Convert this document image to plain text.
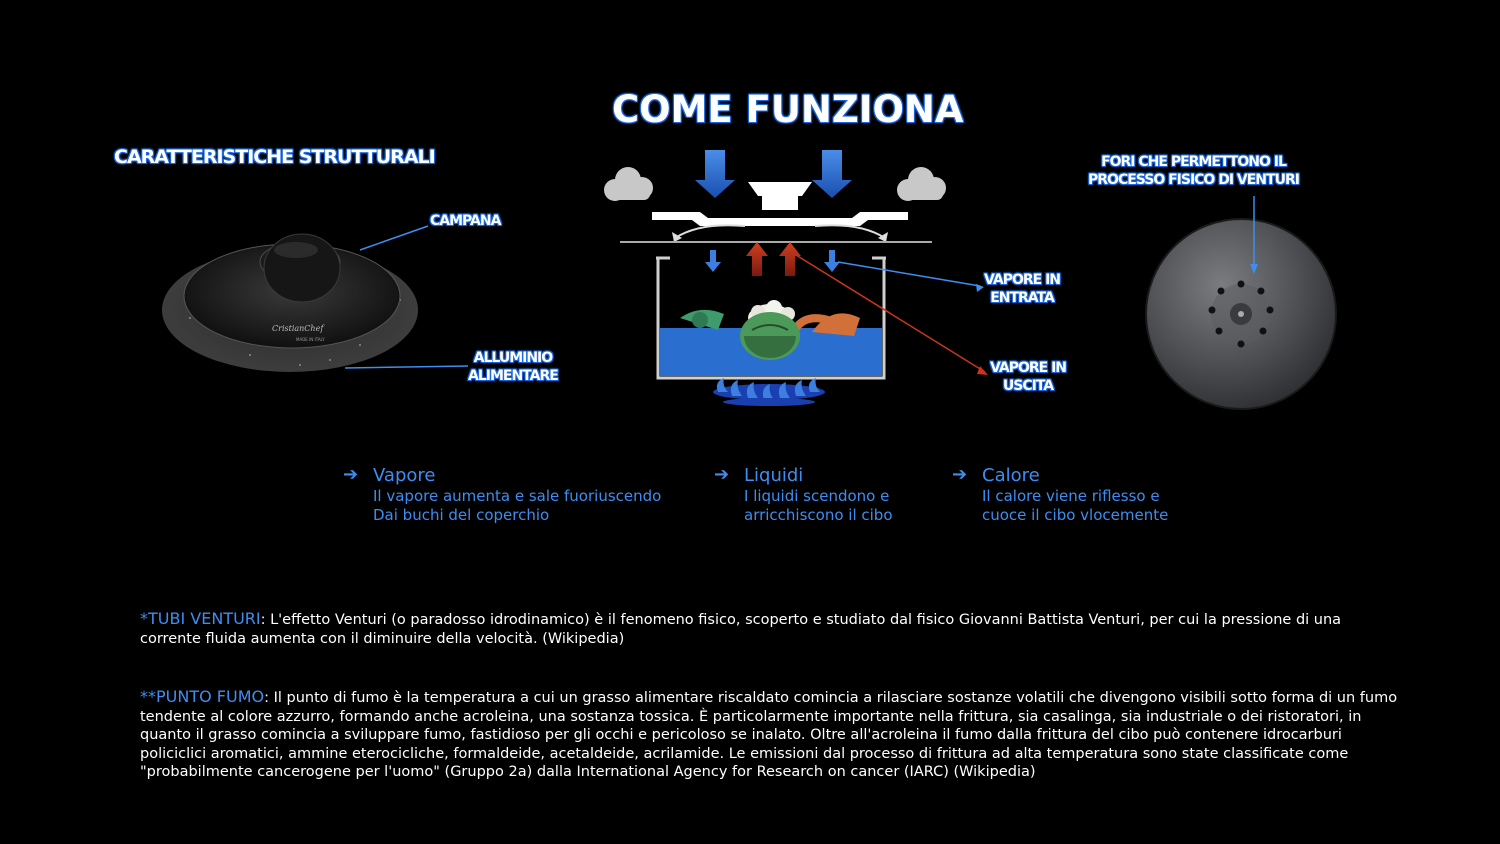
CristianChef
MADE IN ITALY
COME FUNZIONA
CARATTERISTICHE STRUTTURALI
CAMPANA
ALLUMINIO
ALIMENTARE
VAPORE IN
ENTRATA
VAPORE IN
USCITA
FORI CHE PERMETTONO IL
PROCESSO FISICO DI VENTURI
➔ Vapore
Il vapore aumenta e sale fuoriuscendo
Dai buchi del coperchio
➔ Liquidi
I liquidi scendono e
arricchiscono il cibo
➔ Calore
Il calore viene riflesso e
cuoce il cibo vlocemente
*TUBI VENTURI: L'effetto Venturi (o paradosso idrodinamico) è il fenomeno fisico, scoperto e studiato dal fisico Giovanni Battista Venturi, per cui la pressione di una corrente fluida aumenta con il diminuire della velocità. (Wikipedia)
**PUNTO FUMO: Il punto di fumo è la temperatura a cui un grasso alimentare riscaldato comincia a rilasciare sostanze volatili che divengono visibili sotto forma di un fumo tendente al colore azzurro, formando anche acroleina, una sostanza tossica. È particolarmente importante nella frittura, sia casalinga, sia industriale o dei ristoratori, in quanto il grasso comincia a sviluppare fumo, fastidioso per gli occhi e pericoloso se inalato. Oltre all'acroleina il fumo dalla frittura del cibo può contenere idrocarburi policiclici aromatici, ammine eterocicliche, formaldeide, acetaldeide, acrilamide. Le emissioni dal processo di frittura ad alta temperatura sono state classificate come "probabilmente cancerogene per l'uomo" (Gruppo 2a) dalla International Agency for Research on cancer (IARC) (Wikipedia)
